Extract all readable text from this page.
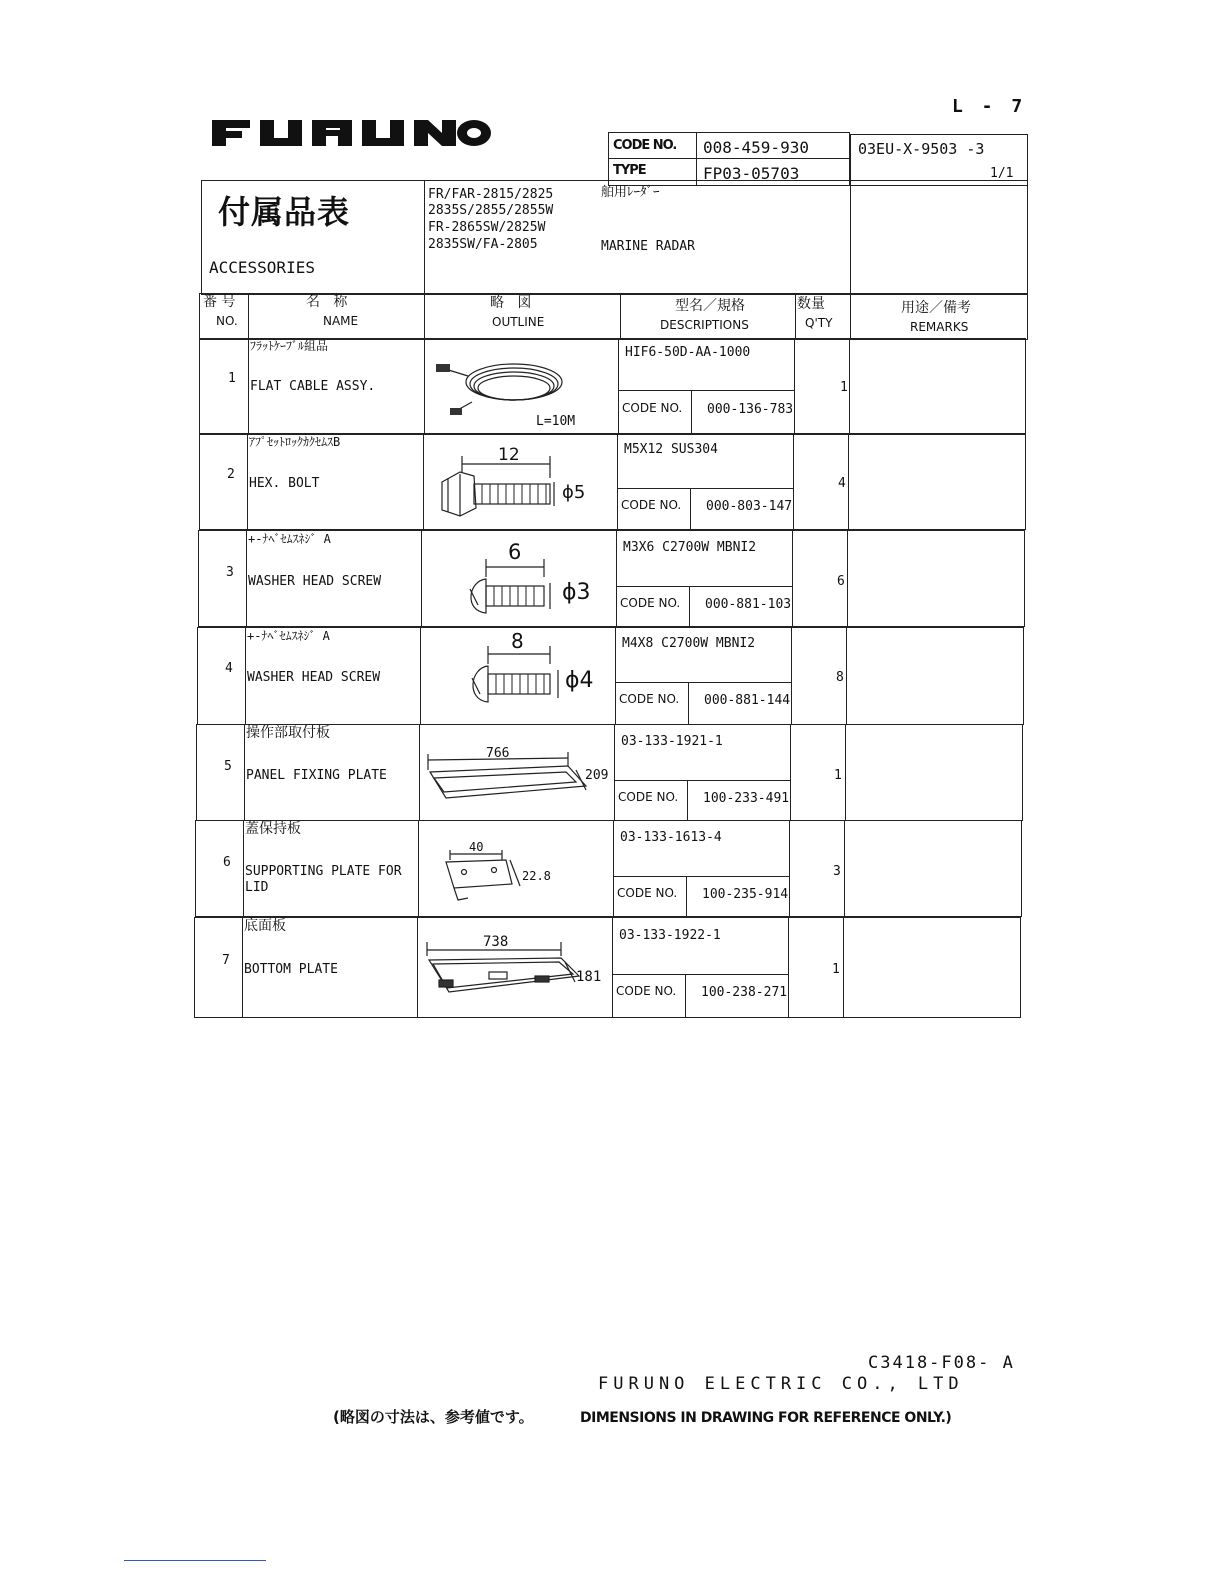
L - 7
CODE NO. 008-459-930
TYPE	FP03-05703
03EU-X-9503 -3
1/1
付属品表
ACCESSORIES
FR/FAR-2815/2825
2835S/2855/2855W
FR-2865SW/2825W
2835SW/FA-2805
舶用ﾚｰﾀﾞｰ
MARINE RADAR
番 号
NO.
名   称
NAME
略   図
OUTLINE
型名／規格
DESCRIPTIONS
数量
Q'TY
用途／備考
REMARKS
1
ﾌﾗｯﾄｹｰﾌﾞﾙ組品
FLAT CABLE ASSY.
HIF6-50D-AA-1000
CODE NO. 000-136-783
1
L=10M
2
ｱﾌﾟｾｯﾄﾛｯｸｶｸｾﾑｽB
HEX. BOLT
M5X12 SUS304
CODE NO. 000-803-147
4
12
ϕ5
3
+-ﾅﾍﾞｾﾑｽﾈｼﾞ A
WASHER HEAD SCREW
M3X6 C2700W MBNI2
CODE NO. 000-881-103
6
6
ϕ3
4
+-ﾅﾍﾞｾﾑｽﾈｼﾞ A
WASHER HEAD SCREW
M4X8 C2700W MBNI2
CODE NO. 000-881-144
8
8
ϕ4
5
操作部取付板
PANEL FIXING PLATE
03-133-1921-1
CODE NO. 100-233-491
1
766
209
6
蓋保持板
SUPPORTING PLATE FOR
LID
03-133-1613-4
CODE NO. 100-235-914
3
40
22.8
7
底面板
BOTTOM PLATE
03-133-1922-1
CODE NO. 100-238-271
1
738
181
C3418-F08- A
FURUNO ELECTRIC CO., LTD
(略図の寸法は、参考値です。	DIMENSIONS IN DRAWING FOR REFERENCE ONLY.)
